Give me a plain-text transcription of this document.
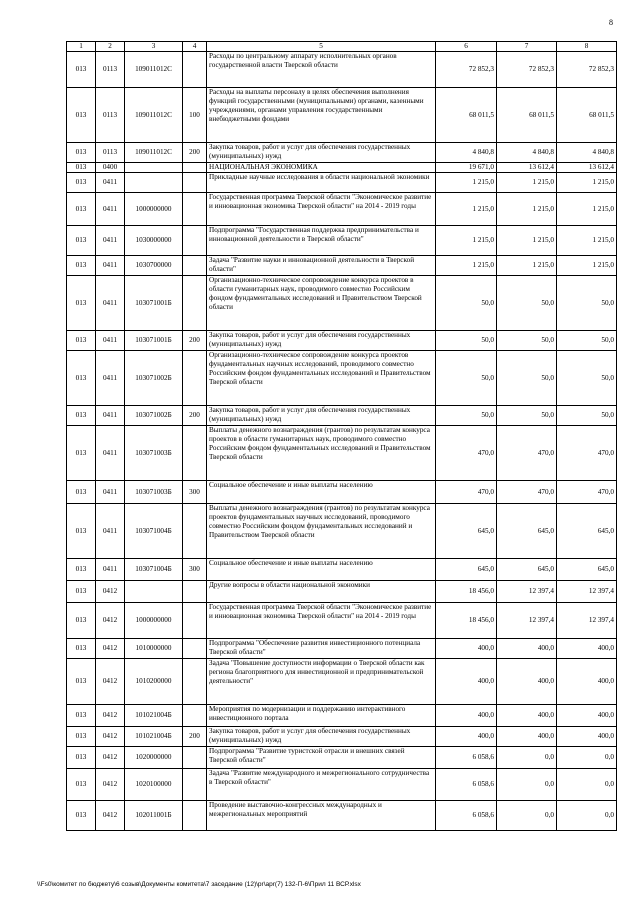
8
1	2	3	4	5	6	7	8
013	0113	109011012С		Расходы по центральному аппарату исполнительных органов государственной власти Тверской области	72 852,3	72 852,3	72 852,3
013	0113	109011012С	100	Расходы на выплаты персоналу в целях обеспечения выполнения функций государственными (муниципальными) органами, казенными учреждениями, органами управления государственными внебюджетными фондами	68 011,5	68 011,5	68 011,5
013	0113	109011012С	200	Закупка товаров, работ и услуг для обеспечения государственных (муниципальных) нужд	4 840,8	4 840,8	4 840,8
013	0400			НАЦИОНАЛЬНАЯ ЭКОНОМИКА	19 671,0	13 612,4	13 612,4
013	0411			Прикладные научные исследования в области национальной экономики	1 215,0	1 215,0	1 215,0
013	0411	1000000000		Государственная программа Тверской области "Экономическое развитие и инновационная экономика Тверской области" на 2014 - 2019 годы	1 215,0	1 215,0	1 215,0
013	0411	1030000000		Подпрограмма "Государственная поддержка предпринимательства и инновационной деятельности в Тверской области"	1 215,0	1 215,0	1 215,0
013	0411	1030700000		Задача "Развитие науки и инновационной деятельности в Тверской области"	1 215,0	1 215,0	1 215,0
013	0411	103071001Б		Организационно-техническое сопровождение конкурса проектов в области гуманитарных наук, проводимого совместно Российским фондом фундаментальных исследований и Правительством Тверской области	50,0	50,0	50,0
013	0411	103071001Б	200	Закупка товаров, работ и услуг для обеспечения государственных (муниципальных) нужд	50,0	50,0	50,0
013	0411	103071002Б		Организационно-техническое сопровождение конкурса проектов фундаментальных научных исследований, проводимого совместно Российским фондом фундаментальных исследований и Правительством Тверской области	50,0	50,0	50,0
013	0411	103071002Б	200	Закупка товаров, работ и услуг для обеспечения государственных (муниципальных) нужд	50,0	50,0	50,0
013	0411	103071003Б		Выплаты денежного вознаграждения (грантов) по результатам конкурса проектов в области гуманитарных наук, проводимого совместно Российским фондом фундаментальных исследований и Правительством Тверской области	470,0	470,0	470,0
013	0411	103071003Б	300	Социальное обеспечение и иные выплаты населению	470,0	470,0	470,0
013	0411	103071004Б		Выплаты денежного вознаграждения (грантов) по результатам конкурса проектов фундаментальных научных исследований, проводимого совместно Российским фондом фундаментальных исследований и Правительством Тверской области	645,0	645,0	645,0
013	0411	103071004Б	300	Социальное обеспечение и иные выплаты населению	645,0	645,0	645,0
013	0412			Другие вопросы в области национальной экономики	18 456,0	12 397,4	12 397,4
013	0412	1000000000		Государственная программа Тверской области "Экономическое развитие и инновационная экономика Тверской области" на 2014 - 2019 годы	18 456,0	12 397,4	12 397,4
013	0412	1010000000		Подпрограмма "Обеспечение развития инвестиционного потенциала Тверской области"	400,0	400,0	400,0
013	0412	1010200000		Задача "Повышение доступности информации о Тверской области как региона благоприятного для инвестиционной и предпринимательской деятельности"	400,0	400,0	400,0
013	0412	101021004Б		Мероприятия по модернизации и поддержанию интерактивного инвестиционного портала	400,0	400,0	400,0
013	0412	101021004Б	200	Закупка товаров, работ и услуг для обеспечения государственных (муниципальных) нужд	400,0	400,0	400,0
013	0412	1020000000		Подпрограмма "Развитие туристской отрасли и внешних связей Тверской области"	6 058,6	0,0	0,0
013	0412	1020100000		Задача "Развитие международного и межрегионального сотрудничества в Тверской области"	6 058,6	0,0	0,0
013	0412	102011001Б		Проведение выставочно-конгрессных международных и межрегиональных мероприятий	6 058,6	0,0	0,0
\\Fs0\комитет по бюджету\6 созыв\Документы комитета\7 заседание (12)\pr\apr(7) 132-П-6\Прил 11 ВСР.xlsx
